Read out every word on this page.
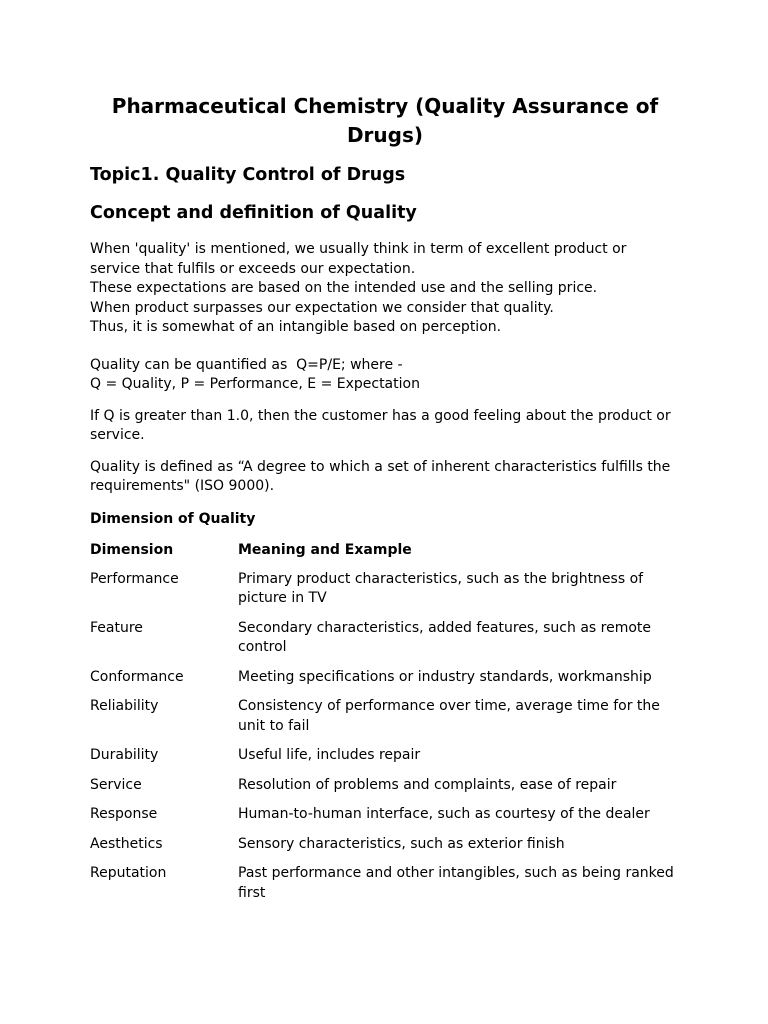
Pharmaceutical Chemistry (Quality Assurance of Drugs)
Topic1. Quality Control of Drugs
Concept and definition of Quality

When 'quality' is mentioned, we usually think in term of excellent product or service that fulfils or exceeds our expectation.
These expectations are based on the intended use and the selling price.
When product surpasses our expectation we consider that quality.
Thus, it is somewhat of an intangible based on perception.

Quality can be quantified as  Q=P/E; where -
Q = Quality, P = Performance, E = Expectation

If Q is greater than 1.0, then the customer has a good feeling about the product or service.

Quality is defined as “A degree to which a set of inherent characteristics fulfills the requirements" (ISO 9000).

Dimension of Quality
Dimension	Meaning and Example
Performance	Primary product characteristics, such as the brightness of picture in TV
Feature	Secondary characteristics, added features, such as remote control
Conformance	Meeting specifications or industry standards, workmanship
Reliability	Consistency of performance over time, average time for the unit to fail
Durability	Useful life, includes repair
Service	Resolution of problems and complaints, ease of repair
Response	Human-to-human interface, such as courtesy of the dealer
Aesthetics	Sensory characteristics, such as exterior finish
Reputation	Past performance and other intangibles, such as being ranked first
